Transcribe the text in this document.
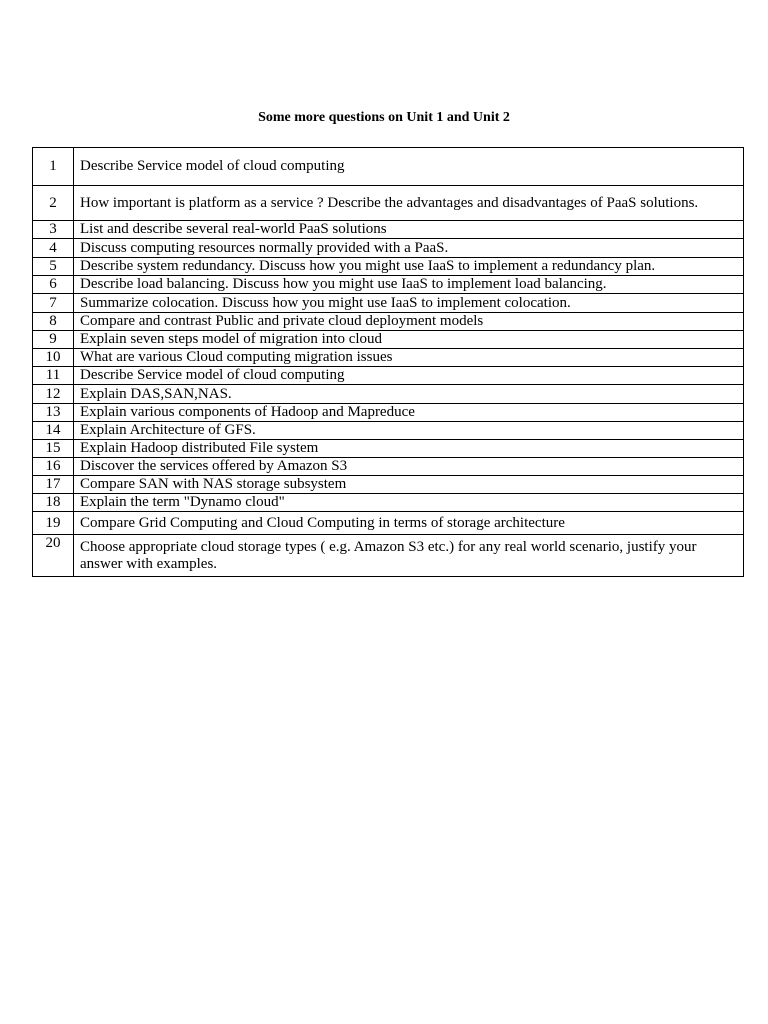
Some more questions on Unit 1 and Unit 2
1	Describe Service model of cloud computing
2	How important is platform as a service ? Describe the advantages and disadvantages of PaaS solutions.
3	List and describe several real-world PaaS solutions
4	Discuss computing resources normally provided with a PaaS.
5	Describe system redundancy. Discuss how you might use IaaS to implement a redundancy plan.
6	Describe load balancing. Discuss how you might use IaaS to implement load balancing.
7	Summarize colocation. Discuss how you might use IaaS to implement colocation.
8	Compare and contrast Public and private cloud deployment models
9	Explain seven steps model of migration into cloud
10	What are various Cloud computing migration issues
11	Describe Service model of cloud computing
12	Explain DAS,SAN,NAS.
13	Explain various components of Hadoop and Mapreduce
14	Explain Architecture of GFS.
15	Explain Hadoop distributed File system
16	Discover the services offered by Amazon S3
17	Compare SAN with NAS storage subsystem
18	Explain the term "Dynamo cloud"
19	Compare Grid Computing and Cloud Computing in terms of storage architecture
20	Choose appropriate cloud storage types ( e.g. Amazon S3 etc.) for any real world scenario, justify your answer with examples.
